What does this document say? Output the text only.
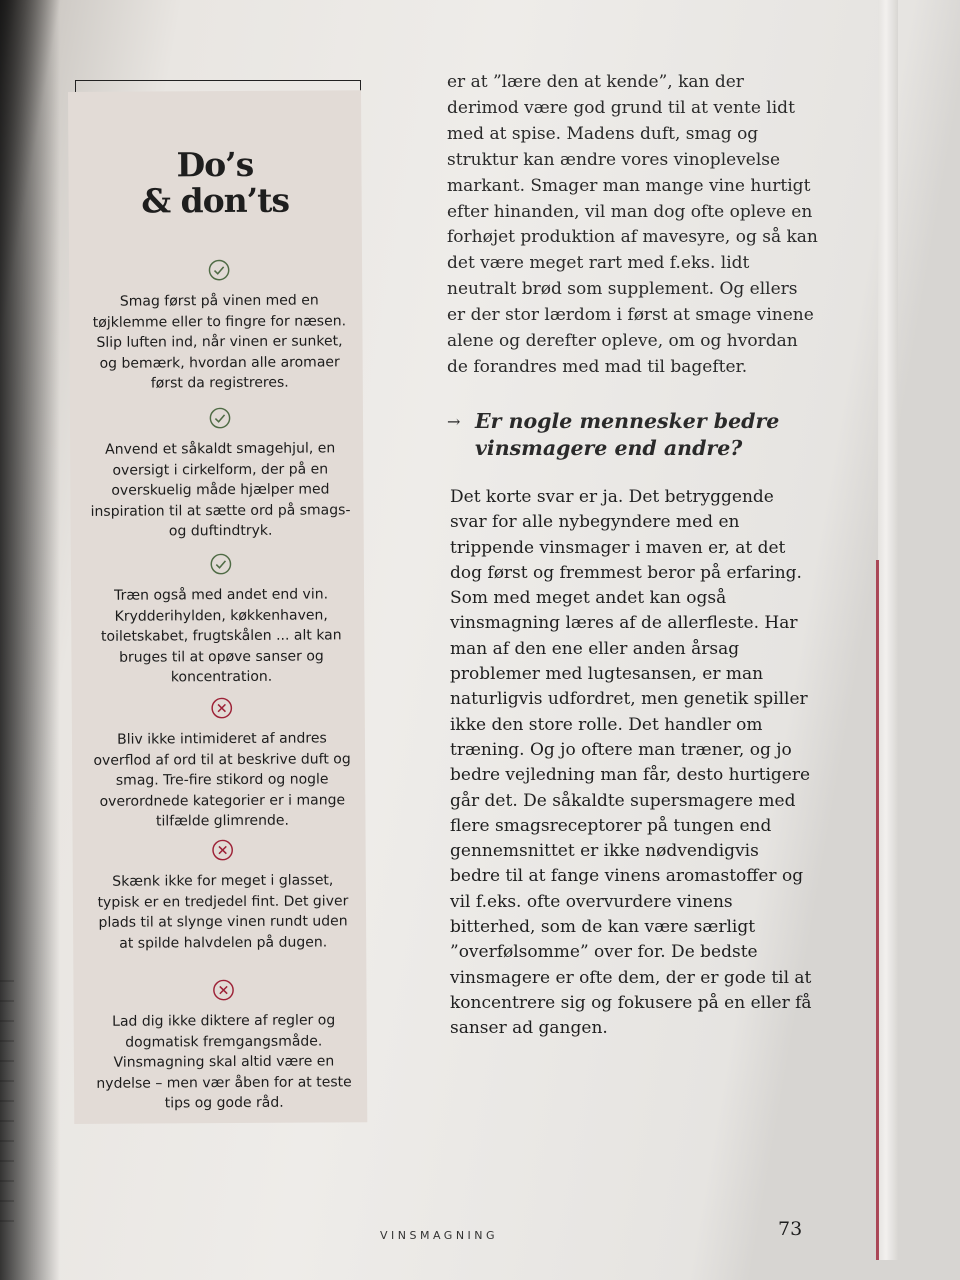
Do’s
& don’ts
Smag først på vinen med en tøjklemme eller to fingre for næsen. Slip luften ind, når vinen er sunket, og bemærk, hvordan alle aromaer først da registreres.
Anvend et såkaldt smagehjul, en oversigt i cirkelform, der på en overskuelig måde hjælper med inspiration til at sætte ord på smags- og duftindtryk.
Træn også med andet end vin. Krydderihylden, køkkenhaven, toiletskabet, frugtskålen ... alt kan bruges til at opøve sanser og koncentration.
Bliv ikke intimideret af andres overflod af ord til at beskrive duft og smag. Tre-fire stikord og nogle overordnede kategorier er i mange tilfælde glimrende.
Skænk ikke for meget i glasset, typisk er en tredjedel fint. Det giver plads til at slynge vinen rundt uden at spilde halvdelen på dugen.
Lad dig ikke diktere af regler og dogmatisk fremgangsmåde. Vinsmagning skal altid være en nydelse – men vær åben for at teste tips og gode råd.

er at ”lære den at kende”, kan der derimod være god grund til at vente lidt med at spise. Madens duft, smag og struktur kan ændre vores vinoplevelse markant. Smager man mange vine hurtigt efter hinanden, vil man dog ofte opleve en forhøjet produktion af mavesyre, og så kan det være meget rart med f.eks. lidt neutralt brød som supplement. Og ellers er der stor lærdom i først at smage vinene alene og derefter opleve, om og hvordan de forandres med mad til bagefter.

→ Er nogle mennesker bedre
vinsmagere end andre?
Det korte svar er ja. Det betryggende svar for alle nybegyndere med en trippende vinsmager i maven er, at det dog først og fremmest beror på erfaring. Som med meget andet kan også vinsmagning læres af de allerfleste. Har man af den ene eller anden årsag problemer med lugtesansen, er man naturligvis udfordret, men genetik spiller ikke den store rolle. Det handler om træning. Og jo oftere man træner, og jo bedre vejledning man får, desto hurtigere går det. De såkaldte supersmagere med flere smagsreceptorer på tungen end gennemsnittet er ikke nødvendigvis bedre til at fange vinens aromastoffer og vil f.eks. ofte overvurdere vinens bitterhed, som de kan være særligt ”overfølsomme” over for. De bedste vinsmagere er ofte dem, der er gode til at koncentrere sig og fokusere på en eller få sanser ad gangen.
VINSMAGNING	73
